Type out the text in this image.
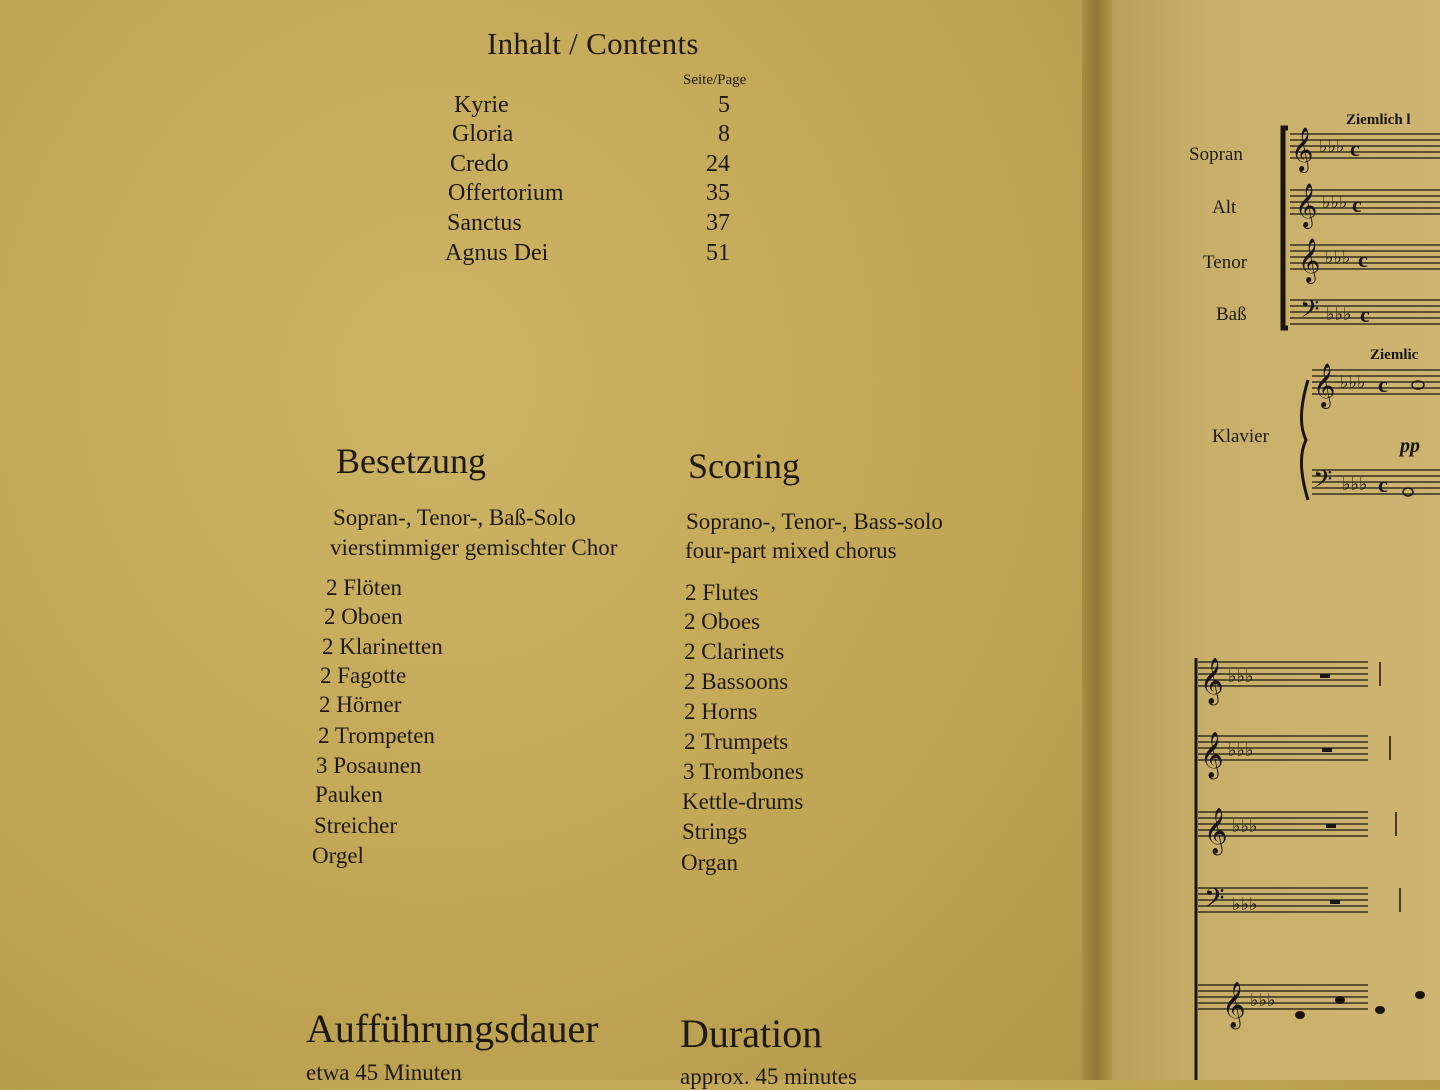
Inhalt / Contents
Seite/Page
Kyrie	5
Gloria	8
Credo	24
Offertorium	35
Sanctus	37
Agnus Dei	51
Besetzung
Sopran-, Tenor-, Baß-Solo
vierstimmiger gemischter Chor
2 Flöten
2 Oboen
2 Klarinetten
2 Fagotte
2 Hörner
2 Trompeten
3 Posaunen
Pauken
Streicher
Orgel
Scoring
Soprano-, Tenor-, Bass-solo
four-part mixed chorus
2 Flutes
2 Oboes
2 Clarinets
2 Bassoons
2 Horns
2 Trumpets
3 Trombones
Kettle-drums
Strings
Organ
Aufführungsdauer
etwa 45 Minuten
Duration
approx. 45 minutes
Ziemlich l
Ziemlic
Sopran
Alt
Tenor
Baß
Klavier
𝄞 ♭♭♭ c
𝄞 ♭♭♭ c
𝄞 ♭♭♭ c
𝄢 ♭♭♭ c
𝄞 ♭♭♭ c
𝄢 ♭♭♭ c
pp
𝄞 ♭♭♭
𝄞 ♭♭♭
𝄞 ♭♭♭
𝄢 ♭♭♭
𝄞 ♭♭♭
